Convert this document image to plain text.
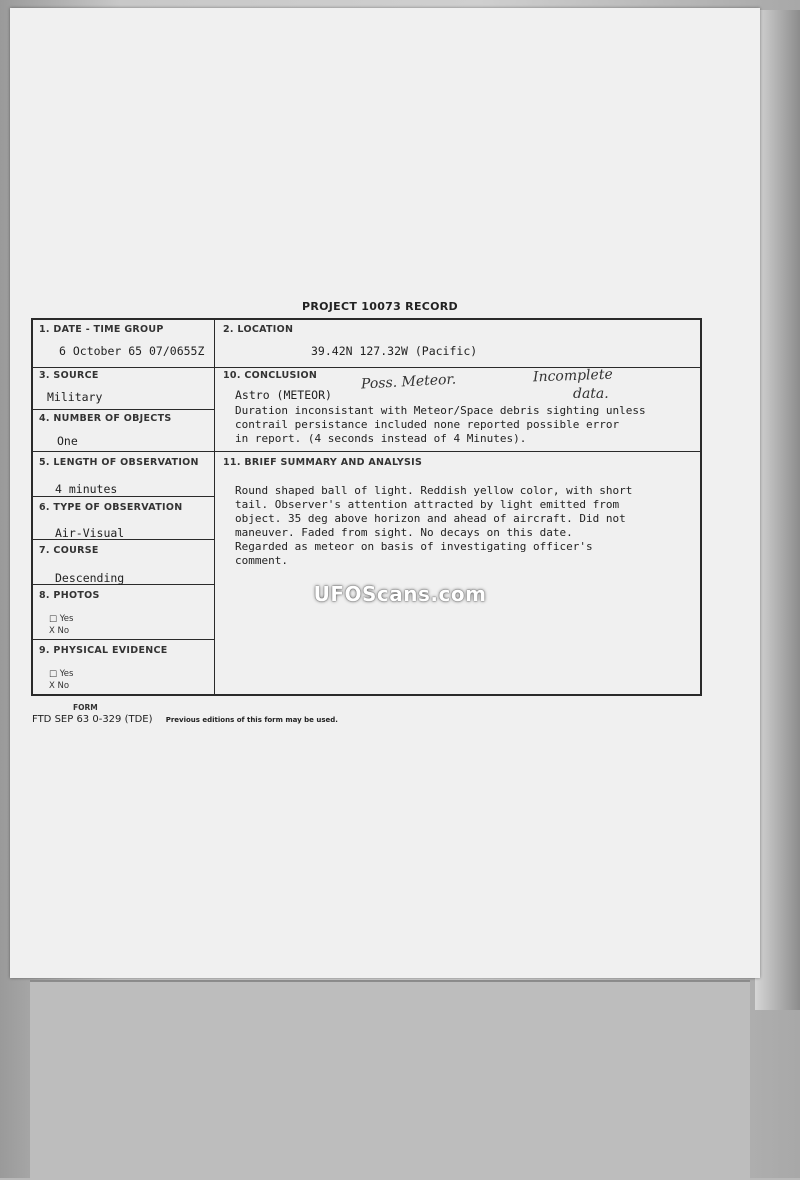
PROJECT 10073 RECORD
1. DATE - TIME GROUP
6 October 65 07/0655Z
2. LOCATION
39.42N 127.32W (Pacific)
3. SOURCE
Military
4. NUMBER OF OBJECTS
One
10. CONCLUSION
Astro (METEOR)
Poss. Meteor.	Incomplete
data.
Duration inconsistant with Meteor/Space debris sighting unless
contrail persistance included none reported possible error
in report. (4 seconds instead of 4 Minutes).
5. LENGTH OF OBSERVATION
4 minutes
6. TYPE OF OBSERVATION
Air-Visual
7. COURSE
Descending
8. PHOTOS
□ Yes
X No
9. PHYSICAL EVIDENCE
□ Yes
X No
11. BRIEF SUMMARY AND ANALYSIS
Round shaped ball of light. Reddish yellow color, with short
tail. Observer's attention attracted by light emitted from
object. 35 deg above horizon and ahead of aircraft. Did not
maneuver. Faded from sight. No decays on this date.
Regarded as meteor on basis of investigating officer's
comment.
FORM
FTD SEP 63 0-329 (TDE) Previous editions of this form may be used.
UFOScans.com
